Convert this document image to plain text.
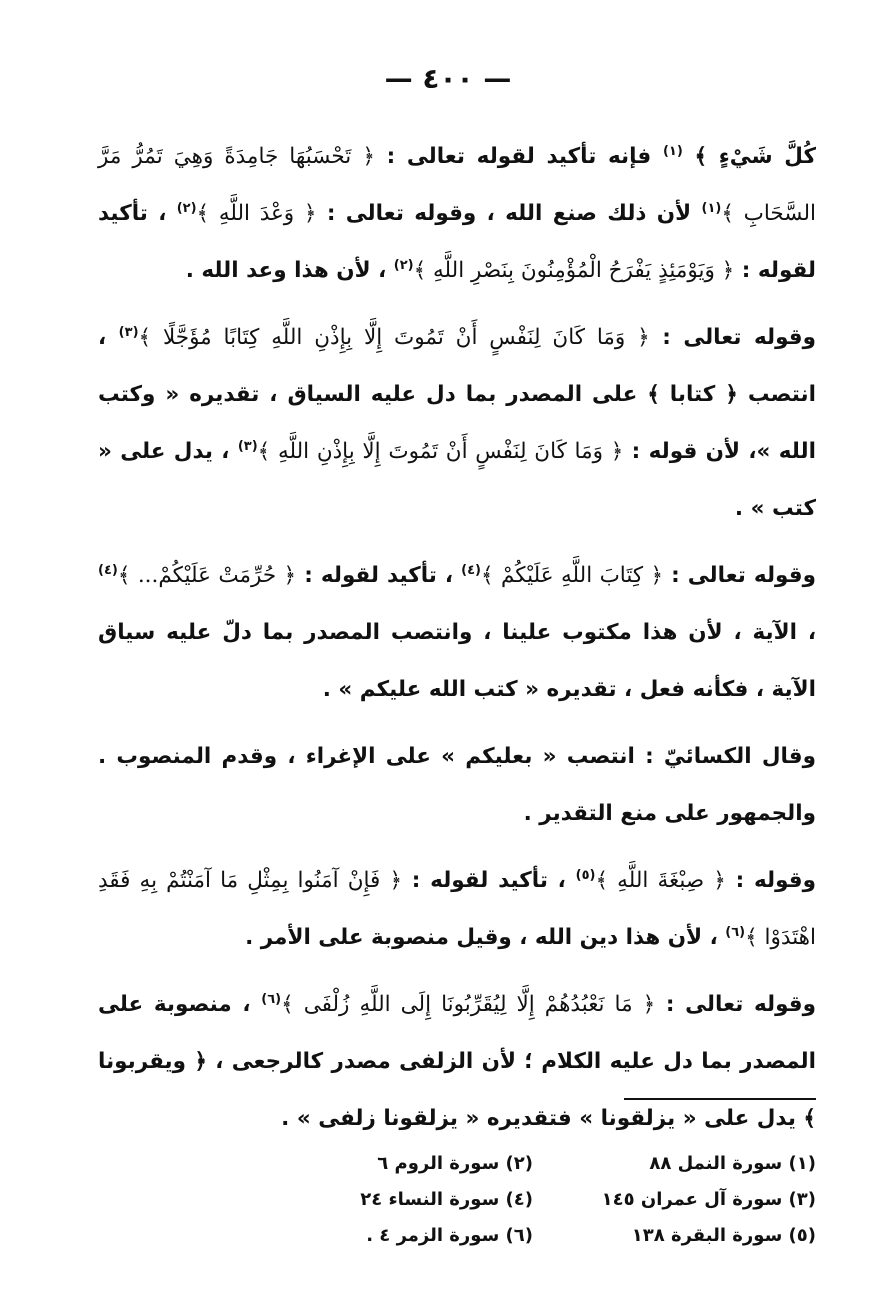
— ٤٠٠ —

كُلَّ شَيْءٍ ﴾ $^{(١)}$ فإنه تأكيد لقوله تعالى : ﴿ تَحْسَبُهَا جَامِدَةً وَهِيَ تَمُرُّ مَرَّ السَّحَابِ ﴾$^{(١)}$ لأن ذلك صنع الله ، وقوله تعالى : ﴿ وَعْدَ اللَّهِ ﴾$^{(٢)}$ ، تأكيد لقوله : ﴿ وَيَوْمَئِذٍ يَفْرَحُ الْمُؤْمِنُونَ بِنَصْرِ اللَّهِ ﴾$^{(٢)}$ ، لأن هذا وعد الله .

وقوله تعالى : ﴿ وَمَا كَانَ لِنَفْسٍ أَنْ تَمُوتَ إِلَّا بِإِذْنِ اللَّهِ كِتَابًا مُؤَجَّلًا ﴾$^{(٣)}$ ، انتصب ﴿ كتابا ﴾ على المصدر بما دل عليه السياق ، تقديره « وكتب الله »، لأن قوله : ﴿ وَمَا كَانَ لِنَفْسٍ أَنْ تَمُوتَ إِلَّا بِإِذْنِ اللَّهِ ﴾$^{(٣)}$ ، يدل على « كتب » .

وقوله تعالى : ﴿ كِتَابَ اللَّهِ عَلَيْكُمْ ﴾$^{(٤)}$ ، تأكيد لقوله : ﴿ حُرِّمَتْ عَلَيْكُمْ... ﴾$^{(٤)}$ ، الآية ، لأن هذا مكتوب علينا ، وانتصب المصدر بما دلّ عليه سياق الآية ، فكأنه فعل ، تقديره « كتب الله عليكم » .

وقال الكسائيّ : انتصب « بعليكم » على الإغراء ، وقدم المنصوب . والجمهور على منع التقدير .

وقوله : ﴿ صِبْغَةَ اللَّهِ ﴾$^{(٥)}$ ، تأكيد لقوله : ﴿ فَإِنْ آمَنُوا بِمِثْلِ مَا آمَنْتُمْ بِهِ فَقَدِ اهْتَدَوْا ﴾$^{(٦)}$ ، لأن هذا دين الله ، وقيل منصوبة على الأمر .

وقوله تعالى : ﴿ مَا نَعْبُدُهُمْ إِلَّا لِيُقَرِّبُونَا إِلَى اللَّهِ زُلْفَى ﴾$^{(٦)}$ ، منصوبة على المصدر بما دل عليه الكلام ؛ لأن الزلفى مصدر كالرجعى ، ﴿ ويقربونا ﴾ يدل على « يزلقونا » فتقديره « يزلقونا زلفى » .

(١) سورة النمل ٨٨
(٢) سورة الروم ٦
(٣) سورة آل عمران ١٤٥
(٤) سورة النساء ٢٤
(٥) سورة البقرة ١٣٨
(٦) سورة الزمر ٤ .
